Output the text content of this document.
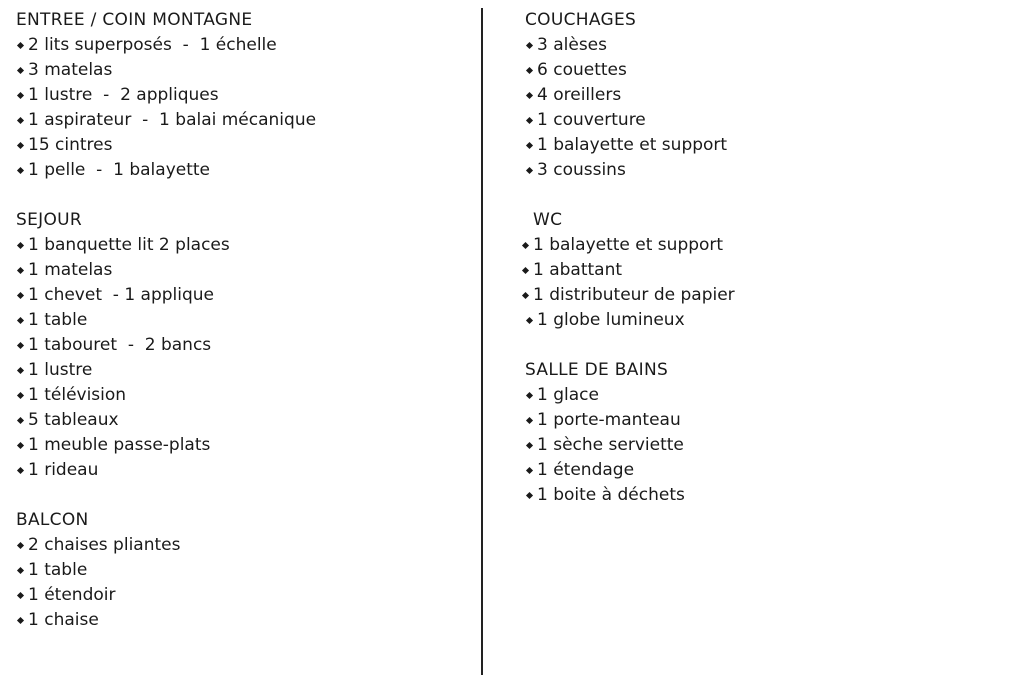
ENTREE / COIN MONTAGNE
2 lits superposés  -  1 échelle
3 matelas
1 lustre  -  2 appliques
1 aspirateur  -  1 balai mécanique
15 cintres
1 pelle  -  1 balayette
SEJOUR
1 banquette lit 2 places
1 matelas
1 chevet  - 1 applique
1 table
1 tabouret  -  2 bancs
1 lustre
1 télévision
5 tableaux
1 meuble passe-plats
1 rideau
BALCON
2 chaises pliantes
1 table
1 étendoir
1 chaise
COUCHAGES
3 alèses
6 couettes
4 oreillers
1 couverture
1 balayette et support
3 coussins
WC
1 balayette et support
1 abattant
1 distributeur de papier
1 globe lumineux
SALLE DE BAINS
1 glace
1 porte-manteau
1 sèche serviette
1 étendage
1 boite à déchets
